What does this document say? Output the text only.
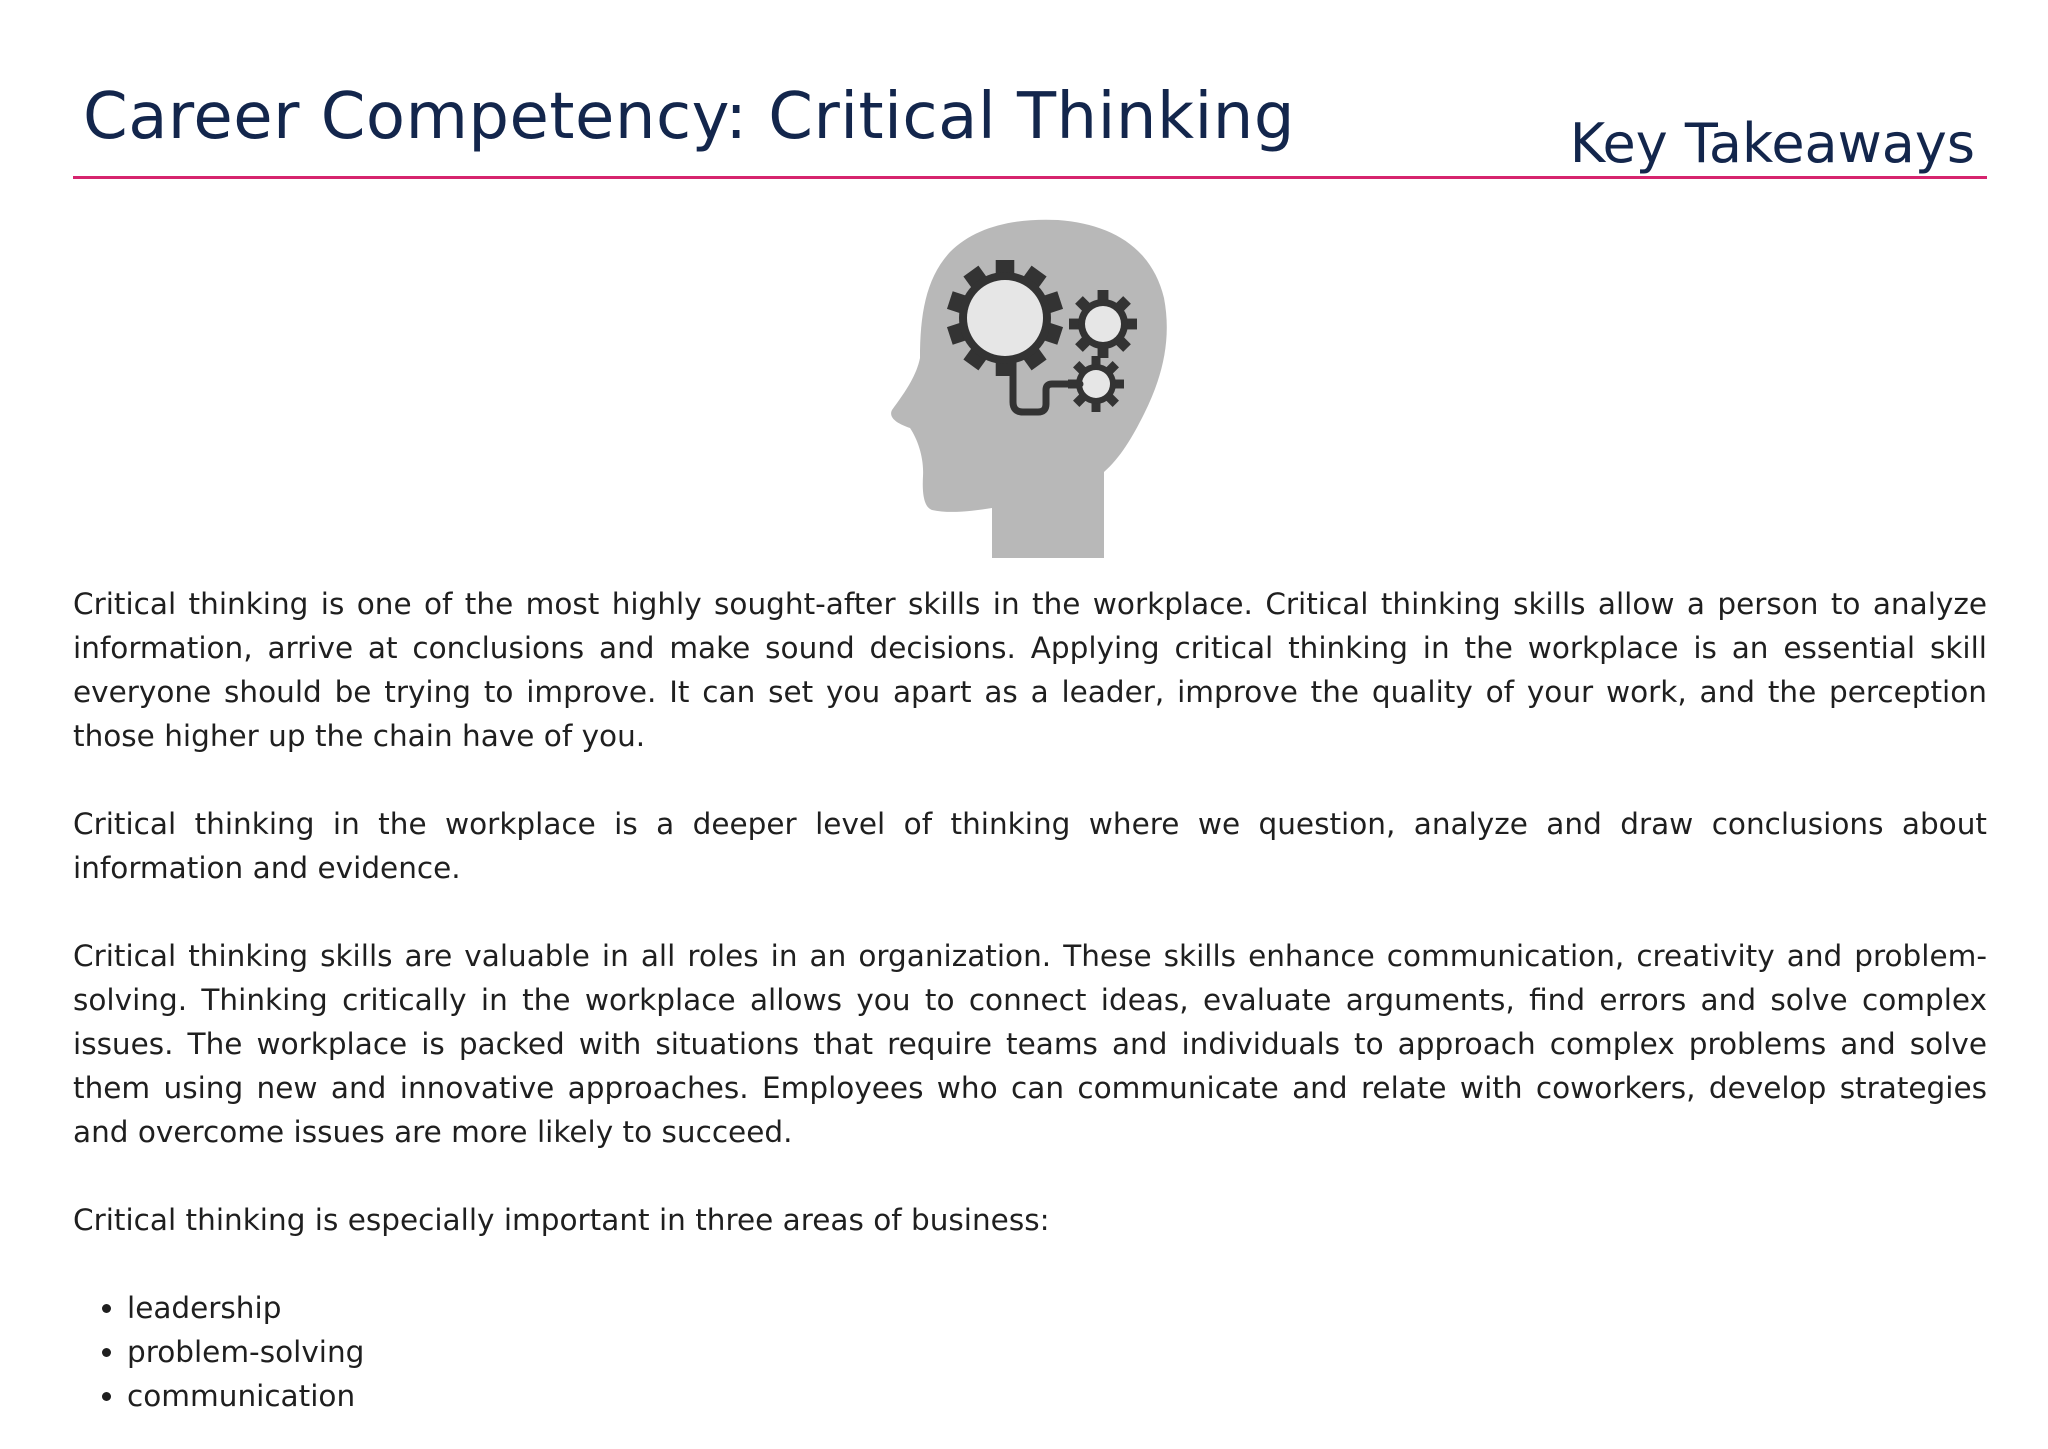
Career Competency: Critical Thinking	Key Takeaways

Critical thinking is one of the most highly sought-after skills in the workplace. Critical thinking skills allow a person to analyze information, arrive at conclusions and make sound decisions. Applying critical thinking in the workplace is an essential skill everyone should be trying to improve. It can set you apart as a leader, improve the quality of your work, and the perception those higher up the chain have of you.

Critical thinking in the workplace is a deeper level of thinking where we question, analyze and draw conclusions about information and evidence.

Critical thinking skills are valuable in all roles in an organization. These skills enhance communication, creativity and problem-solving. Thinking critically in the workplace allows you to connect ideas, evaluate arguments, find errors and solve complex issues. The workplace is packed with situations that require teams and individuals to approach complex problems and solve them using new and innovative approaches. Employees who can communicate and relate with coworkers, develop strategies and overcome issues are more likely to succeed.

Critical thinking is especially important in three areas of business:

• leadership
• problem-solving
• communication
